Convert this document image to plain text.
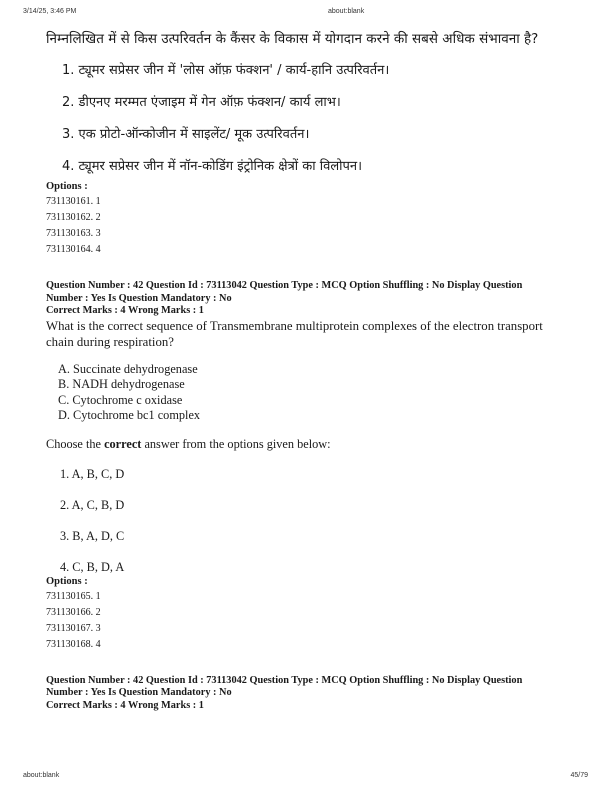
3/14/25, 3:46 PM	about:blank

निम्नलिखित में से किस उत्परिवर्तन के कैंसर के विकास में योगदान करने की सबसे अधिक संभावना है?

1. ट्यूमर सप्रेसर जीन में 'लोस ऑफ़ फंक्शन' / कार्य-हानि उत्परिवर्तन।

2. डीएनए मरम्मत एंजाइम में गेन ऑफ़ फंक्शन/ कार्य लाभ।

3. एक प्रोटो-ऑन्कोजीन में साइलेंट/ मूक उत्परिवर्तन।

4. ट्यूमर सप्रेसर जीन में नॉन-कोडिंग इंट्रोनिक क्षेत्रों का विलोपन।

Options :

731130161. 1

731130162. 2

731130163. 3

731130164. 4

Question Number : 42 Question Id : 73113042 Question Type : MCQ Option Shuffling : No Display Question

Number : Yes Is Question Mandatory : No

Correct Marks : 4 Wrong Marks : 1

What is the correct sequence of Transmembrane multiprotein complexes of the electron transport

chain during respiration?

A. Succinate dehydrogenase

B. NADH dehydrogenase

C. Cytochrome c oxidase

D. Cytochrome bc1 complex

Choose the correct answer from the options given below:

1. A, B, C, D

2. A, C, B, D

3. B, A, D, C

4. C, B, D, A

Options :

731130165. 1

731130166. 2

731130167. 3

731130168. 4

Question Number : 42 Question Id : 73113042 Question Type : MCQ Option Shuffling : No Display Question

Number : Yes Is Question Mandatory : No

Correct Marks : 4 Wrong Marks : 1

about:blank	45/79
